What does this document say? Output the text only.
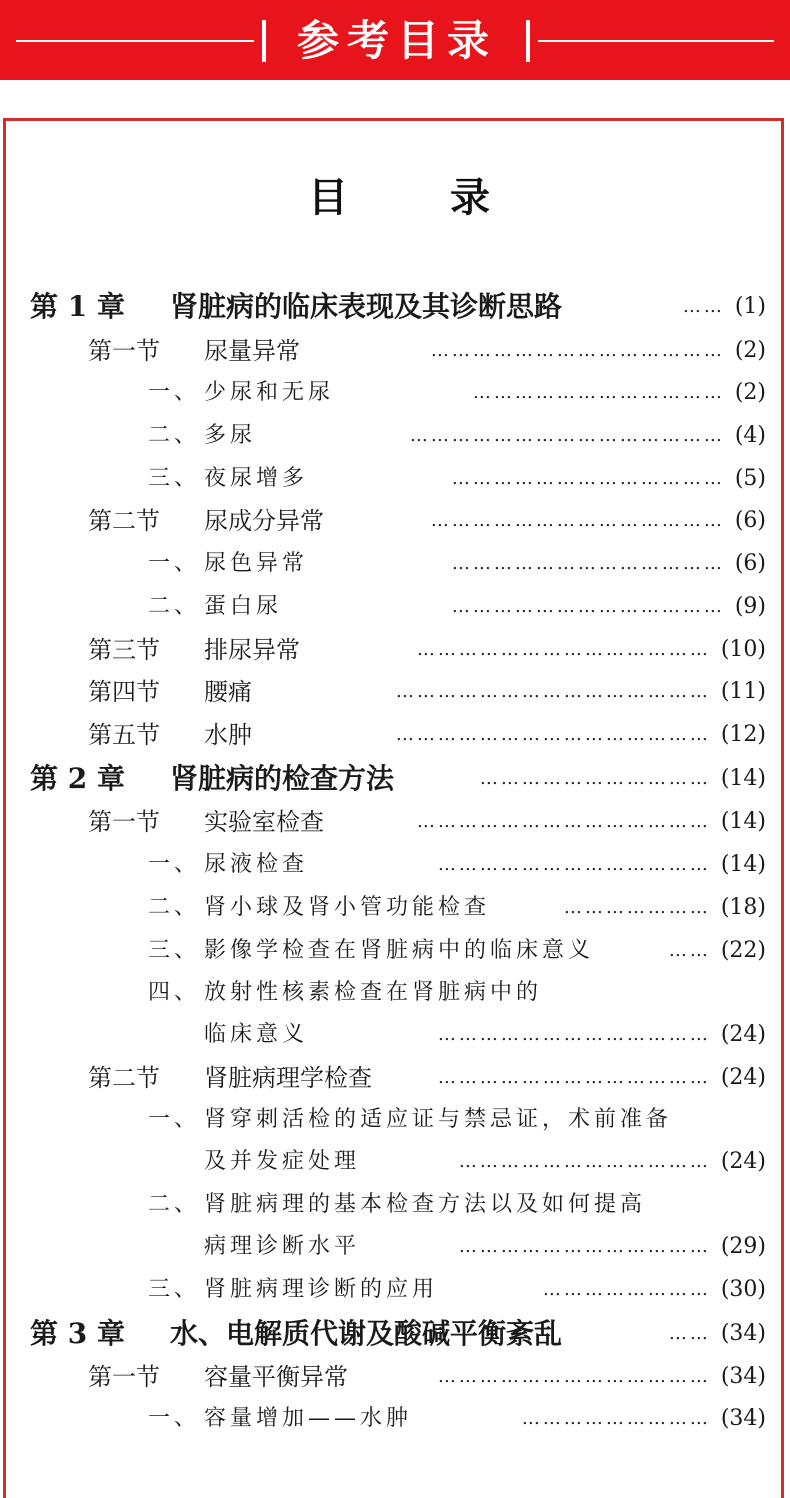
参考目录
目	录
第 1 章 肾脏病的临床表现及其诊断思路	(1)
……
第一节 尿量异常	(2)
……………………………………
一、 少尿和无尿	(2)
………………………………
二、 多尿	(4)
………………………………………
三、 夜尿增多	(5)
…………………………………
第二节 尿成分异常	(6)
……………………………………
一、 尿色异常	(6)
…………………………………
二、 蛋白尿	(9)
…………………………………
第三节 排尿异常	(10)
……………………………………
第四节 腰痛	(11)
………………………………………
第五节 水肿	(12)
………………………………………
第 2 章 肾脏病的检查方法	(14)
……………………………
第一节 实验室检查	(14)
……………………………………
一、 尿液检查	(14)
…………………………………
二、 肾小球及肾小管功能检查	(18)
…………………
三、 影像学检查在肾脏病中的临床意义	(22)
……
四、 放射性核素检查在肾脏病中的
临床意义	(24)
…………………………………
第二节 肾脏病理学检查	(24)
…………………………………
一、 肾穿刺活检的适应证与禁忌证，术前准备
及并发症处理	(24)
………………………………
二、 肾脏病理的基本检查方法以及如何提高
病理诊断水平	(29)
………………………………
三、 肾脏病理诊断的应用	(30)
……………………
第 3 章 水、电解质代谢及酸碱平衡紊乱	(34)
……
第一节 容量平衡异常	(34)
…………………………………
一、 容量增加——水肿	(34)
………………………
